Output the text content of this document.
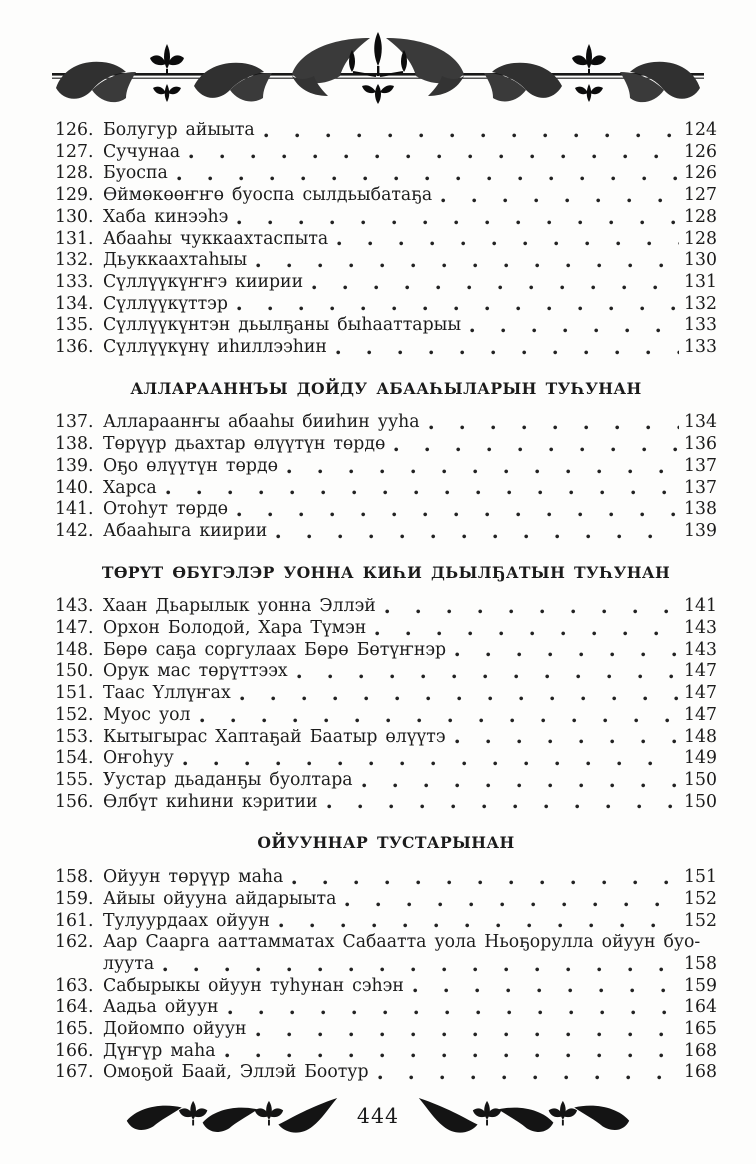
126. Болугур айыыта	124
127. Сучунаа	126
128. Буоспа	126
129. Өймөкөөҥҥө буоспа сылдьыбатаҕа	127
130. Хаба кинээһэ	128
131. Абааһы чуккаахтаспыта	128
132. Дьуккаахтаһыы	130
133. Сүллүүкүҥҥэ киирии	131
134. Сүллүүкүттэр	132
135. Сүллүүкүнтэн дьылҕаны быһааттарыы	133
136. Сүллүүкүнү иһиллээһин	133
АЛЛАРААННЪЫ ДОЙДУ АБААҺЫЛАРЫН ТУҺУНАН
137. Аллараанҥы абааһы бииһин ууһа	134
138. Төрүүр дьахтар өлүүтүн төрдө	136
139. Оҕо өлүүтүн төрдө	137
140. Харса	137
141. Отоһут төрдө	138
142. Абааһыга киирии	139
ТӨРҮТ ӨБҮГЭЛЭР УОННА КИҺИ ДЬЫЛҔАТЫН ТУҺУНАН
143. Хаан Дьарылык уонна Эллэй	141
147. Орхон Болодой, Хара Түмэн	143
148. Бөрө саҕа соргулаах Бөрө Бөтүҥнэр	143
150. Орук мас төрүттээх	147
151. Таас Үллүҥах	147
152. Муос уол	147
153. Кытыгырас Хаптаҕай Баатыр өлүүтэ	148
154. Оҥоһуу	149
155. Уустар дьаданҕы буолтара	150
156. Өлбүт киһини кэритии	150
ОЙУУННАР ТУСТАРЫНАН
158. Ойуун төрүүр маһа	151
159. Айыы ойууна айдарыыта	152
161. Тулуурдаах ойуун	152
162. Аар Саарга ааттамматах Сабаатта уола Ньоҕорулла ойуун буо-
луута	158
163. Сабырыкы ойуун туһунан сэһэн	159
164. Аадьа ойуун	164
165. Дойомпо ойуун	165
166. Дүҥүр маһа	168
167. Омоҕой Баай, Эллэй Боотур	168
444
